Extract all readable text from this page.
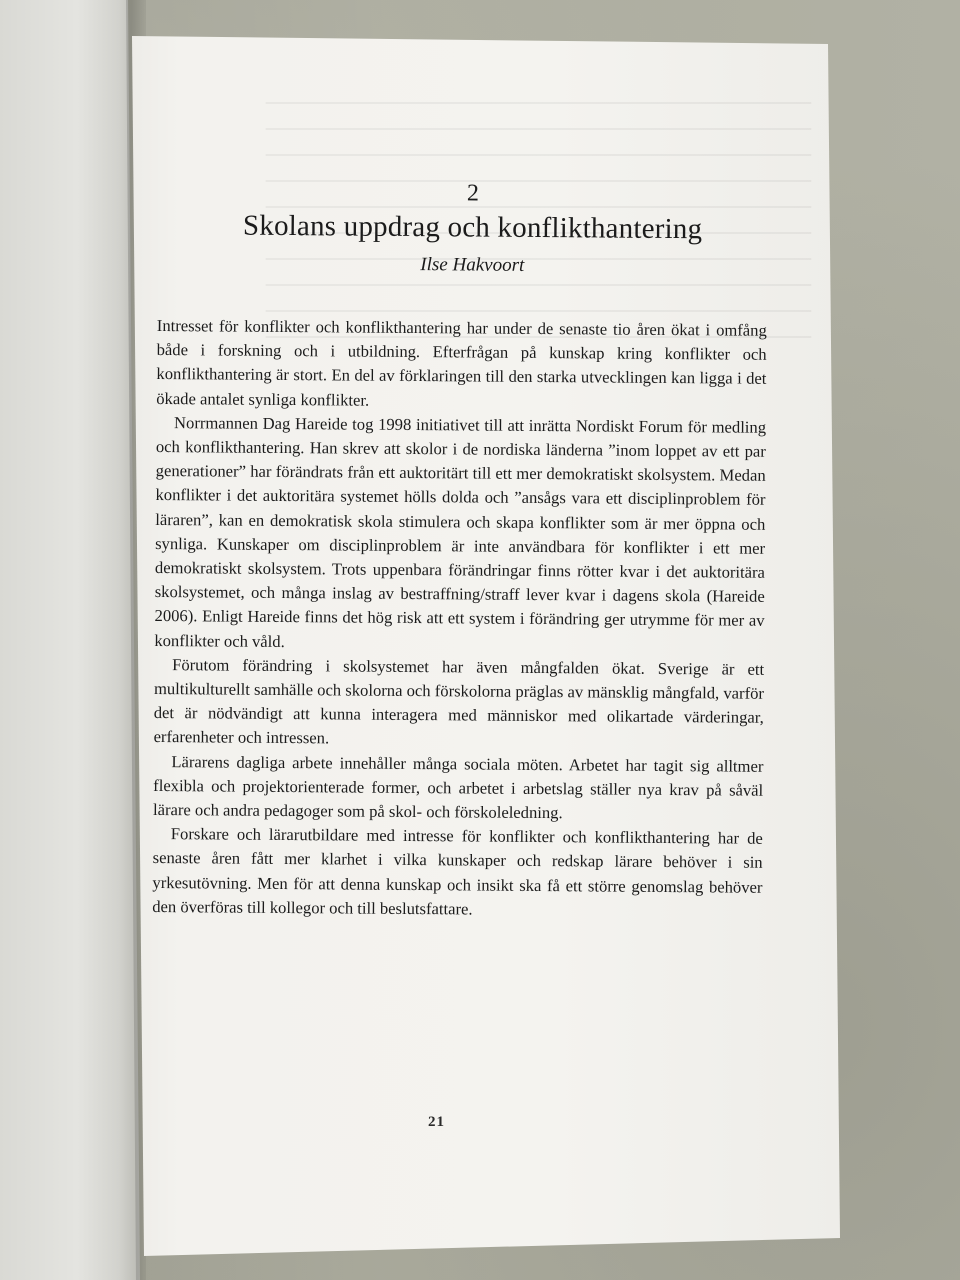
2
Skolans uppdrag och konflikthantering
Ilse Hakvoort

Intresset för konflikter och konflikthantering har under de senaste tio åren ökat i omfång både i forskning och i utbildning. Efterfrågan på kunskap kring konflikter och konflikthantering är stort. En del av förklaringen till den starka utvecklingen kan ligga i det ökade antalet synliga konflikter.

Norrmannen Dag Hareide tog 1998 initiativet till att inrätta Nordiskt Forum för medling och konflikthantering. Han skrev att skolor i de nordiska länderna ”inom loppet av ett par generationer” har förändrats från ett auktoritärt till ett mer demokratiskt skolsystem. Medan konflikter i det auktoritära systemet hölls dolda och ”ansågs vara ett disciplinproblem för läraren”, kan en demokratisk skola stimulera och skapa konflikter som är mer öppna och synliga. Kunskaper om disciplinproblem är inte användbara för konflikter i ett mer demokratiskt skolsystem. Trots uppenbara förändringar finns rötter kvar i det auktoritära skolsystemet, och många inslag av bestraffning/straff lever kvar i dagens skola (Hareide 2006). Enligt Hareide finns det hög risk att ett system i förändring ger utrymme för mer av konflikter och våld.

Förutom förändring i skolsystemet har även mångfalden ökat. Sverige är ett multikulturellt samhälle och skolorna och förskolorna präglas av mänsklig mångfald, varför det är nödvändigt att kunna interagera med människor med olikartade värderingar, erfarenheter och intressen.

Lärarens dagliga arbete innehåller många sociala möten. Arbetet har tagit sig alltmer flexibla och projektorienterade former, och arbetet i arbetslag ställer nya krav på såväl lärare och andra pedagoger som på skol- och förskoleledning.

Forskare och lärarutbildare med intresse för konflikter och konflikthantering har de senaste åren fått mer klarhet i vilka kunskaper och redskap lärare behöver i sin yrkesutövning. Men för att denna kunskap och insikt ska få ett större genomslag behöver den överföras till kollegor och till beslutsfattare.

21
